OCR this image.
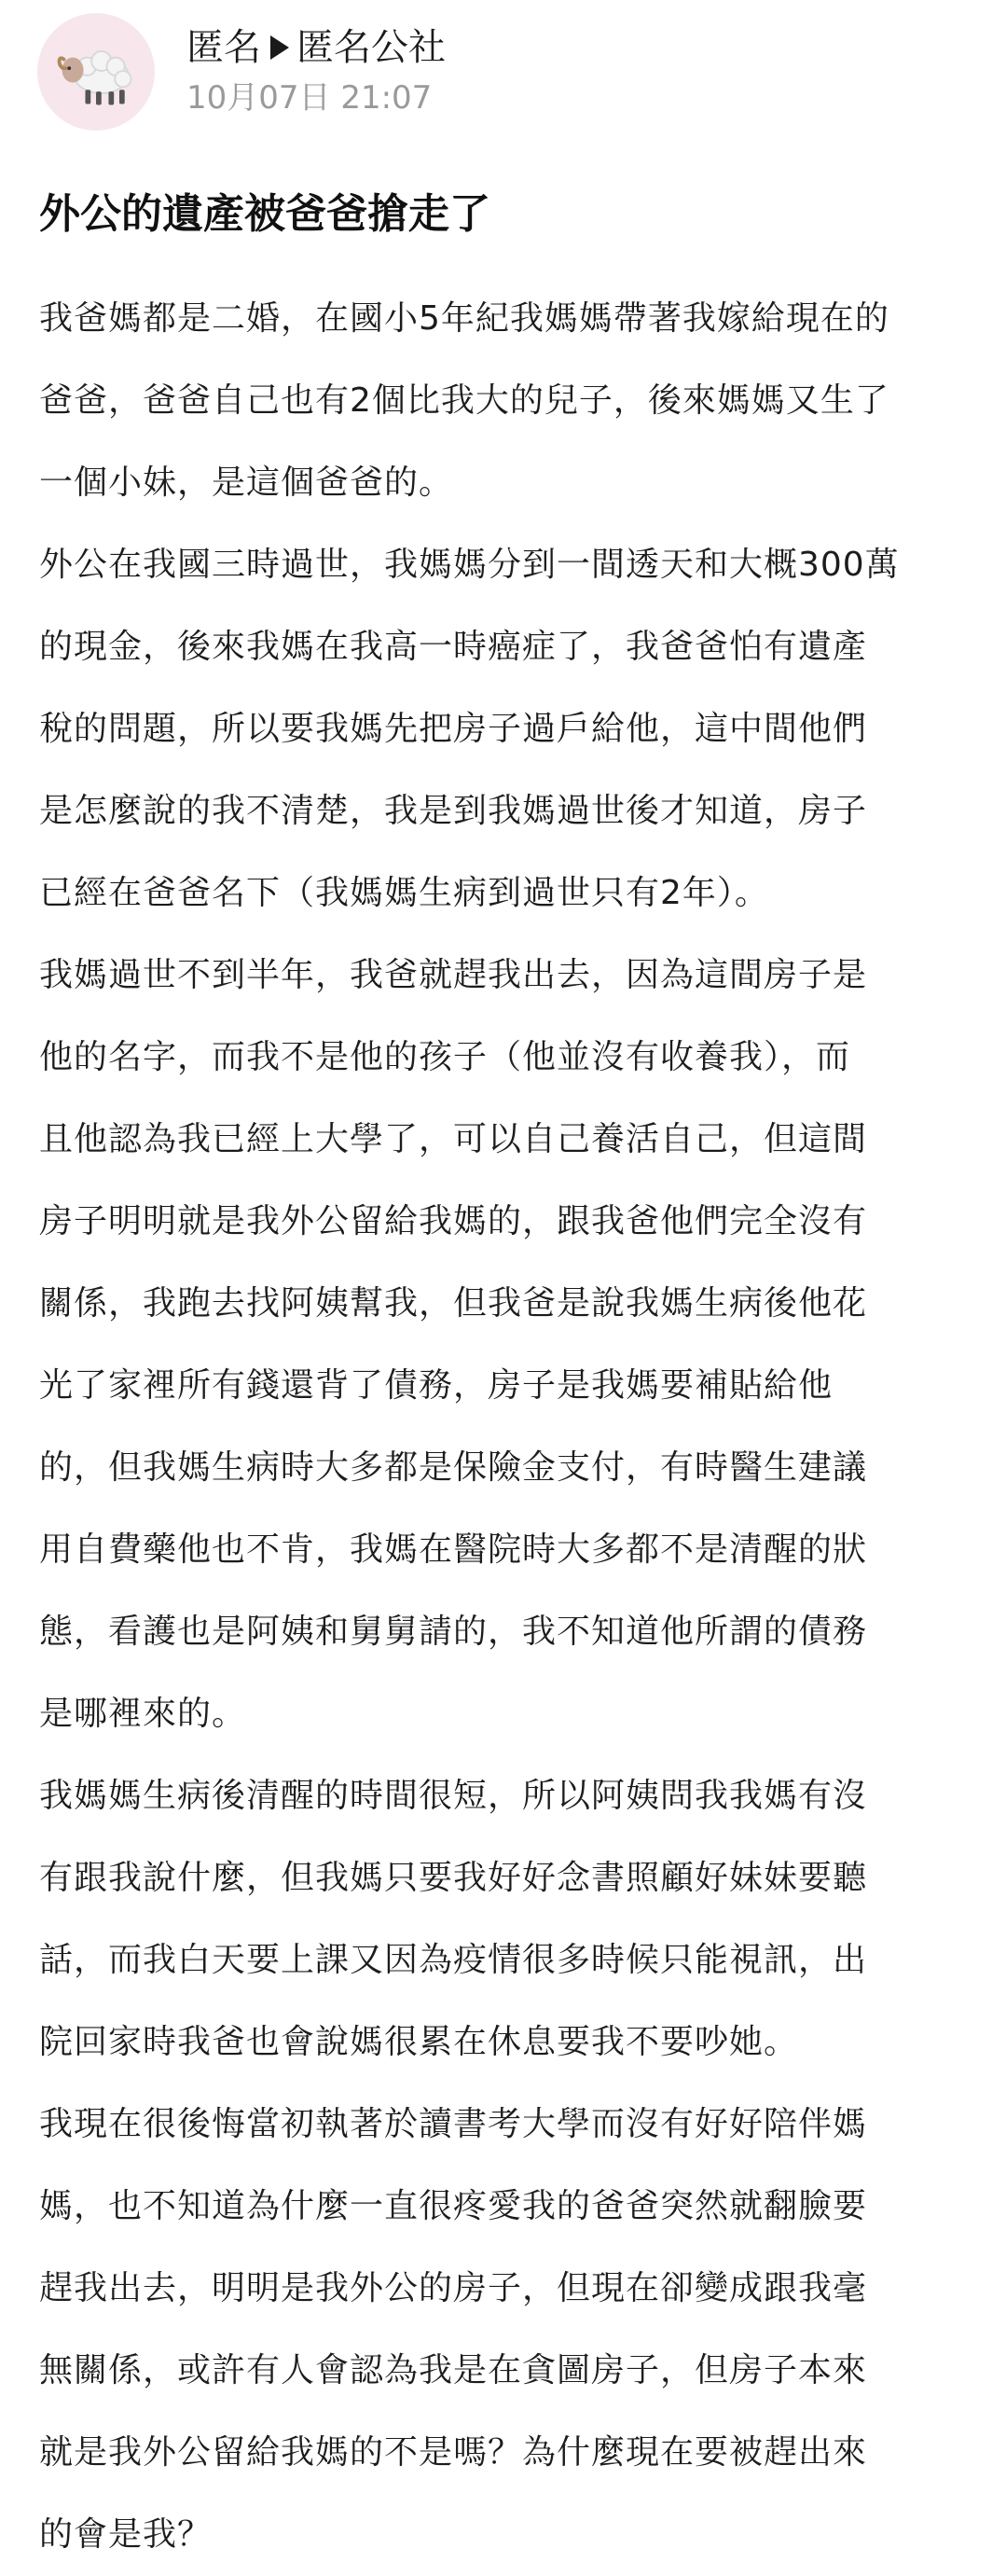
匿名 匿名公社
10月07日 21:07
外公的遺產被爸爸搶走了
我爸媽都是二婚，在國小5年紀我媽媽帶著我嫁給現在的
爸爸，爸爸自己也有2個比我大的兒子，後來媽媽又生了
一個小妹，是這個爸爸的。
外公在我國三時過世，我媽媽分到一間透天和大概300萬
的現金，後來我媽在我高一時癌症了，我爸爸怕有遺產
稅的問題，所以要我媽先把房子過戶給他，這中間他們
是怎麼說的我不清楚，我是到我媽過世後才知道，房子
已經在爸爸名下（我媽媽生病到過世只有2年）。
我媽過世不到半年，我爸就趕我出去，因為這間房子是
他的名字，而我不是他的孩子（他並沒有收養我），而
且他認為我已經上大學了，可以自己養活自己，但這間
房子明明就是我外公留給我媽的，跟我爸他們完全沒有
關係，我跑去找阿姨幫我，但我爸是說我媽生病後他花
光了家裡所有錢還背了債務，房子是我媽要補貼給他
的，但我媽生病時大多都是保險金支付，有時醫生建議
用自費藥他也不肯，我媽在醫院時大多都不是清醒的狀
態，看護也是阿姨和舅舅請的，我不知道他所謂的債務
是哪裡來的。
我媽媽生病後清醒的時間很短，所以阿姨問我我媽有沒
有跟我說什麼，但我媽只要我好好念書照顧好妹妹要聽
話，而我白天要上課又因為疫情很多時候只能視訊，出
院回家時我爸也會說媽很累在休息要我不要吵她。
我現在很後悔當初執著於讀書考大學而沒有好好陪伴媽
媽，也不知道為什麼一直很疼愛我的爸爸突然就翻臉要
趕我出去，明明是我外公的房子，但現在卻變成跟我毫
無關係，或許有人會認為我是在貪圖房子，但房子本來
就是我外公留給我媽的不是嗎？為什麼現在要被趕出來
的會是我？
